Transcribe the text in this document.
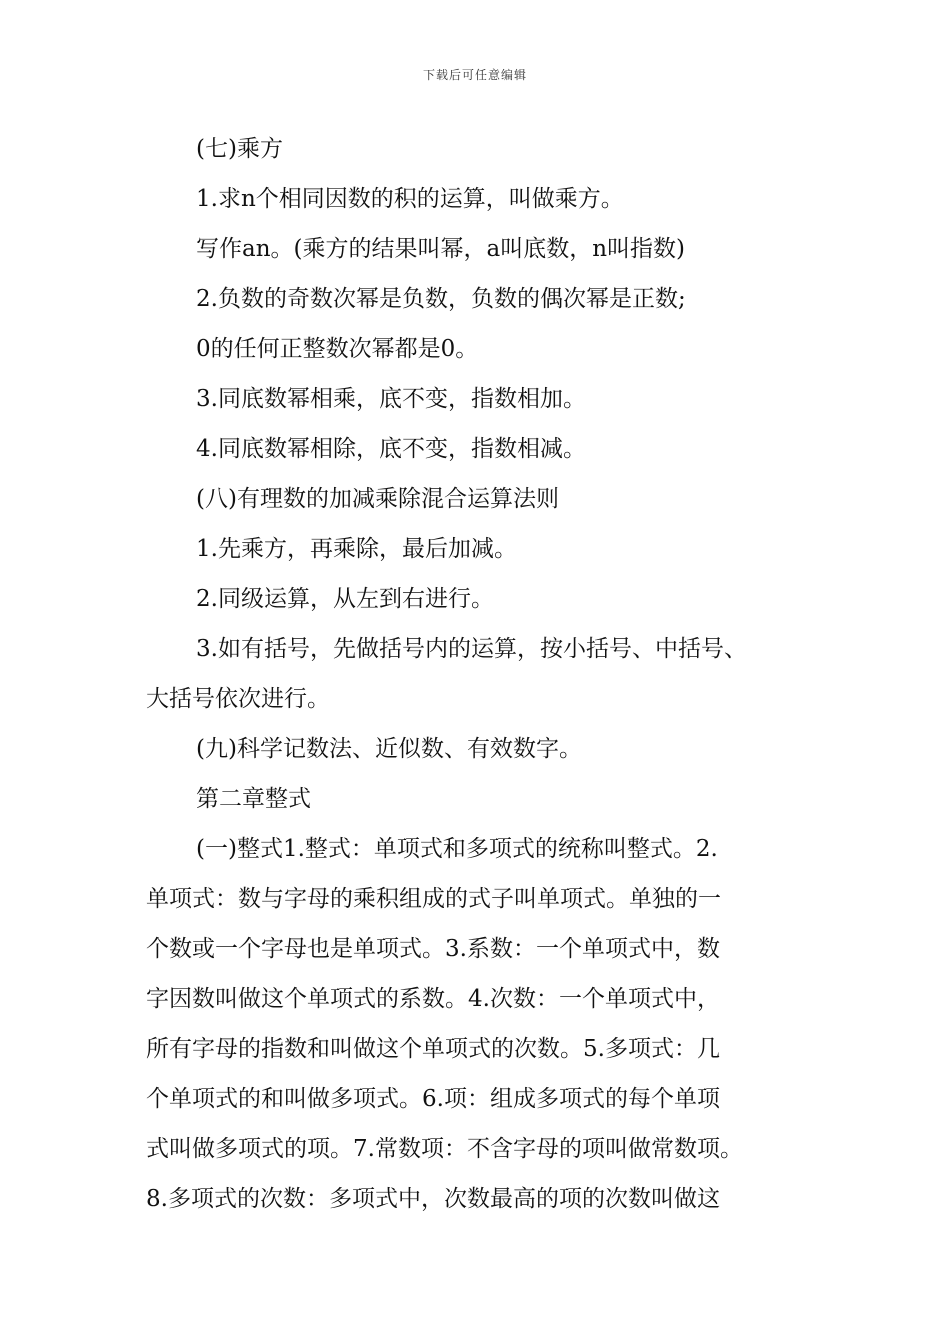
下载后可任意编辑
(七)乘方
1.求n个相同因数的积的运算，叫做乘方。
写作an。(乘方的结果叫幂，a叫底数，n叫指数)
2.负数的奇数次幂是负数，负数的偶次幂是正数;
0的任何正整数次幂都是0。
3.同底数幂相乘，底不变，指数相加。
4.同底数幂相除，底不变，指数相减。
(八)有理数的加减乘除混合运算法则
1.先乘方，再乘除，最后加减。
2.同级运算，从左到右进行。
3.如有括号，先做括号内的运算，按小括号、中括号、
大括号依次进行。
(九)科学记数法、近似数、有效数字。
第二章整式
(一)整式1.整式：单项式和多项式的统称叫整式。2.
单项式：数与字母的乘积组成的式子叫单项式。单独的一
个数或一个字母也是单项式。3.系数：一个单项式中，数
字因数叫做这个单项式的系数。4.次数：一个单项式中，
所有字母的指数和叫做这个单项式的次数。5.多项式：几
个单项式的和叫做多项式。6.项：组成多项式的每个单项
式叫做多项式的项。7.常数项：不含字母的项叫做常数项。
8.多项式的次数：多项式中，次数最高的项的次数叫做这
